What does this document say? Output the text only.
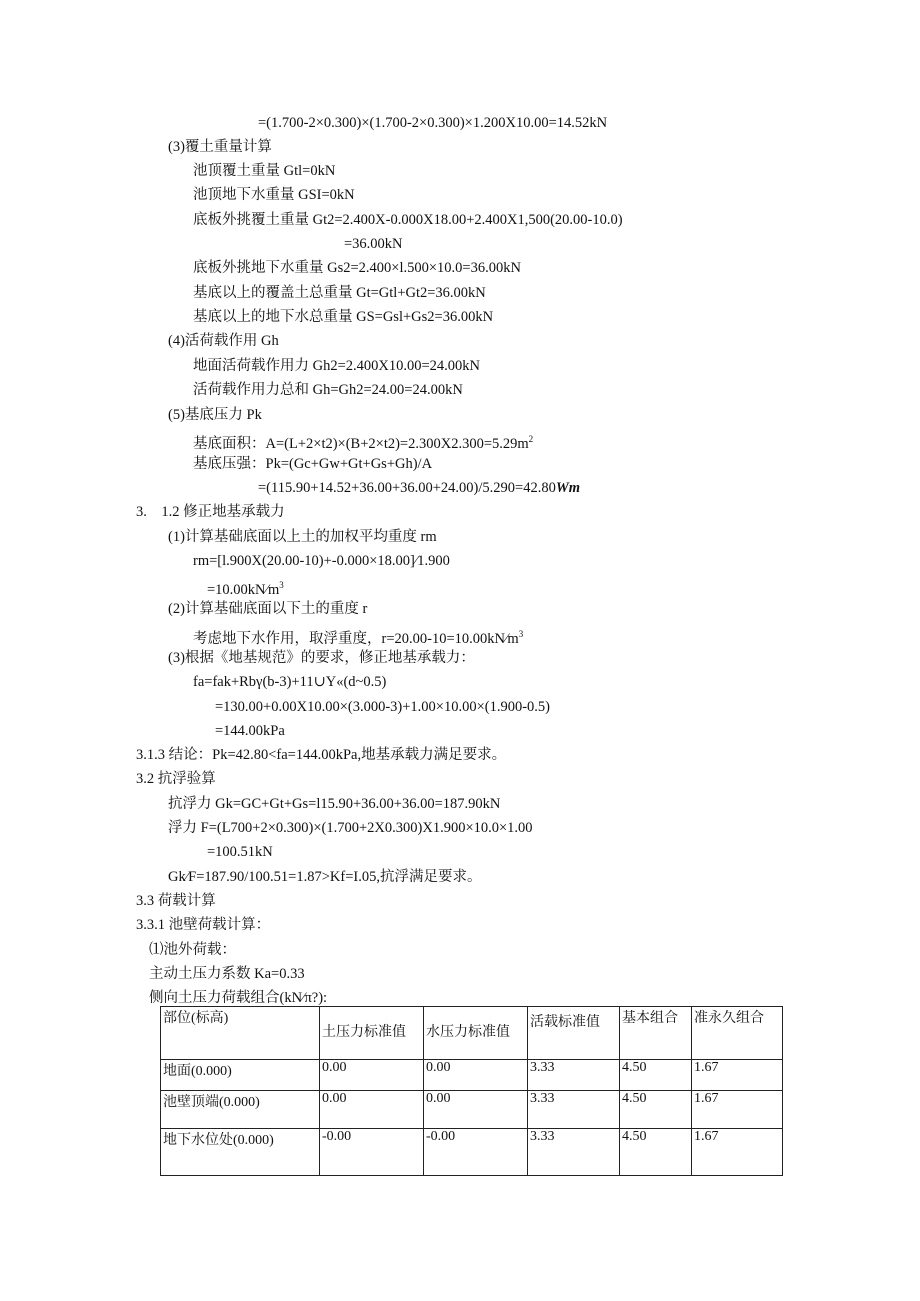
=(1.700-2×0.300)×(1.700-2×0.300)×1.200X10.00=14.52kN
(3)覆土重量计算
池顶覆土重量 Gtl=0kN
池顶地下水重量 GSI=0kN
底板外挑覆土重量 Gt2=2.400X-0.000X18.00+2.400X1,500(20.00-10.0)
=36.00kN
底板外挑地下水重量 Gs2=2.400×l.500×10.0=36.00kN
基底以上的覆盖土总重量 Gt=Gtl+Gt2=36.00kN
基底以上的地下水总重量 GS=Gsl+Gs2=36.00kN
(4)活荷载作用 Gh
地面活荷载作用力 Gh2=2.400X10.00=24.00kN
活荷载作用力总和 Gh=Gh2=24.00=24.00kN
(5)基底压力 Pk
基底面积：$A=(L+2\times t2)\times(B+2\times t2)=2.300X2.300=5.29m^2$
基底压强：Pk=(Gc+Gw+Gt+Gs+Gh)/A
=(115.90+14.52+36.00+36.00+24.00)/5.290=42.80Wm
3.　1.2 修正地基承载力
(1)计算基础底面以上土的加权平均重度 rm
rm=[l.900X(20.00-10)+-0.000×18.00]∕1.900
$=10.00kN∕m^3$
(2)计算基础底面以下土的重度 r
考虑地下水作用，取浮重度，$r=20.00-10=10.00kN∕m^3$
(3)根据《地基规范》的要求，修正地基承载力：
fa=fak+Rbγ(b-3)+11∪Y«(d~0.5)
=130.00+0.00X10.00×(3.000-3)+1.00×10.00×(1.900-0.5)
=144.00kPa
3.1.3 结论：Pk=42.80<fa=144.00kPa,地基承载力满足要求。
3.2 抗浮验算
抗浮力 Gk=GC+Gt+Gs=l15.90+36.00+36.00=187.90kN
浮力 F=(L700+2×0.300)×(1.700+2X0.300)X1.900×10.0×1.00
=100.51kN
Gk∕F=187.90/100.51=1.87>Kf=I.05,抗浮满足要求。
3.3 荷载计算
3.3.1 池壁荷载计算：
⑴池外荷载：
主动土压力系数 Ka=0.33
侧向土压力荷载组合(kN∕π?):
部位(标高)	土压力标准值	水压力标准值	活载标准值	基本组合	准永久组合

地面(0.000)	0.00	0.00	3.33	4.50	1.67
池壁顶端(0.000)	0.00	0.00	3.33	4.50	1.67
地下水位处(0.000)	-0.00	-0.00	3.33	4.50	1.67
